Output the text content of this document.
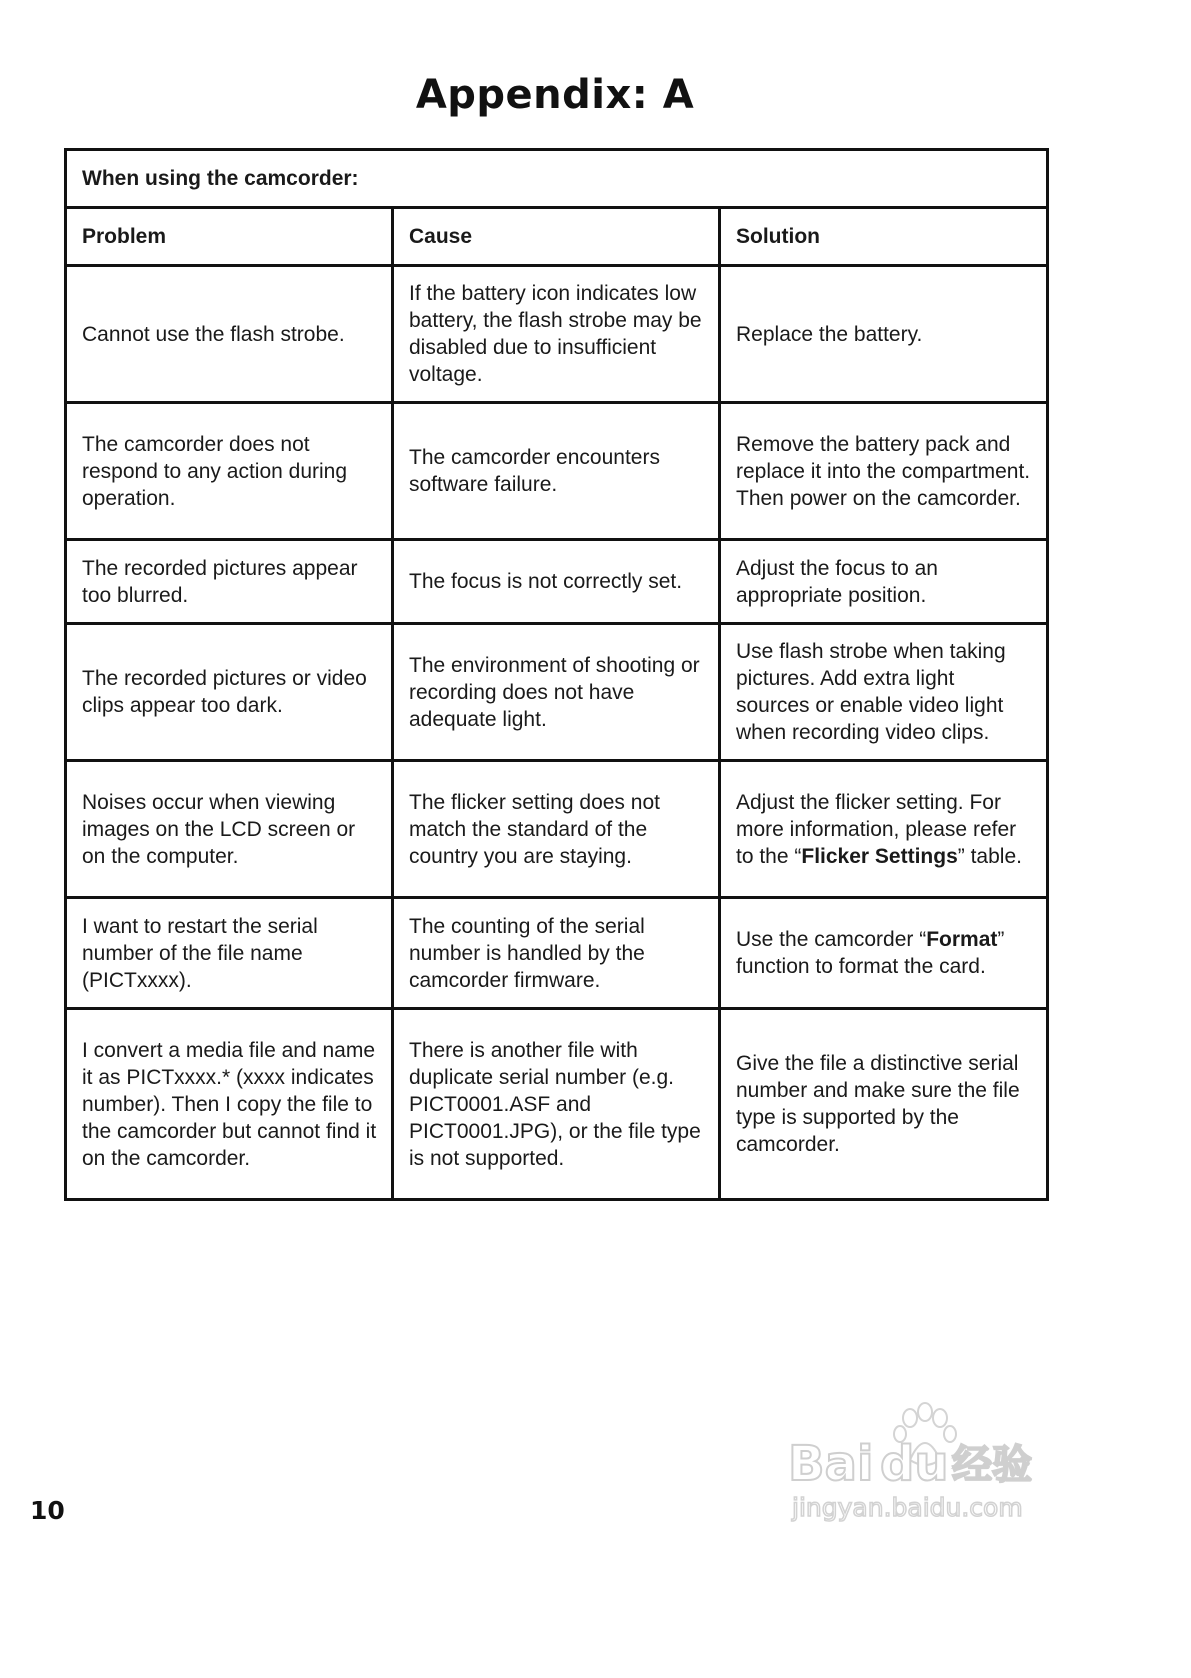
Appendix: A
When using the camcorder:		
Problem	Cause	Solution
Cannot use the flash strobe.	If the battery icon indicates low battery, the flash strobe may be disabled due to insufficient voltage.	Replace the battery.
The camcorder does not respond to any action during operation.	The camcorder encounters software failure.	Remove the battery pack and replace it into the compartment. Then power on the camcorder.
The recorded pictures appear too blurred.	The focus is not correctly set.	Adjust the focus to an appropriate position.
The recorded pictures or video clips appear too dark.	The environment of shooting or recording does not have adequate light.	Use flash strobe when taking pictures. Add extra light sources or enable video light when recording video clips.
Noises occur when viewing images on the LCD screen or on the computer.	The flicker setting does not match the standard of the country you are staying.	Adjust the flicker setting. For more information, please refer to the “Flicker Settings” table.
I want to restart the serial number of the file name (PICTxxxx).	The counting of the serial number is handled by the camcorder firmware.	Use the camcorder “Format” function to format the card.
I convert a media file and name it as PICTxxxx.* (xxxx indicates number). Then I copy the file to the camcorder but cannot find it on the camcorder.	There is another file with duplicate serial number (e.g. PICT0001.ASF and PICT0001.JPG), or the file type is not supported.	Give the file a distinctive serial number and make sure the file type is supported by the camcorder.
10
Bai du 经验
jingyan.baidu.com
